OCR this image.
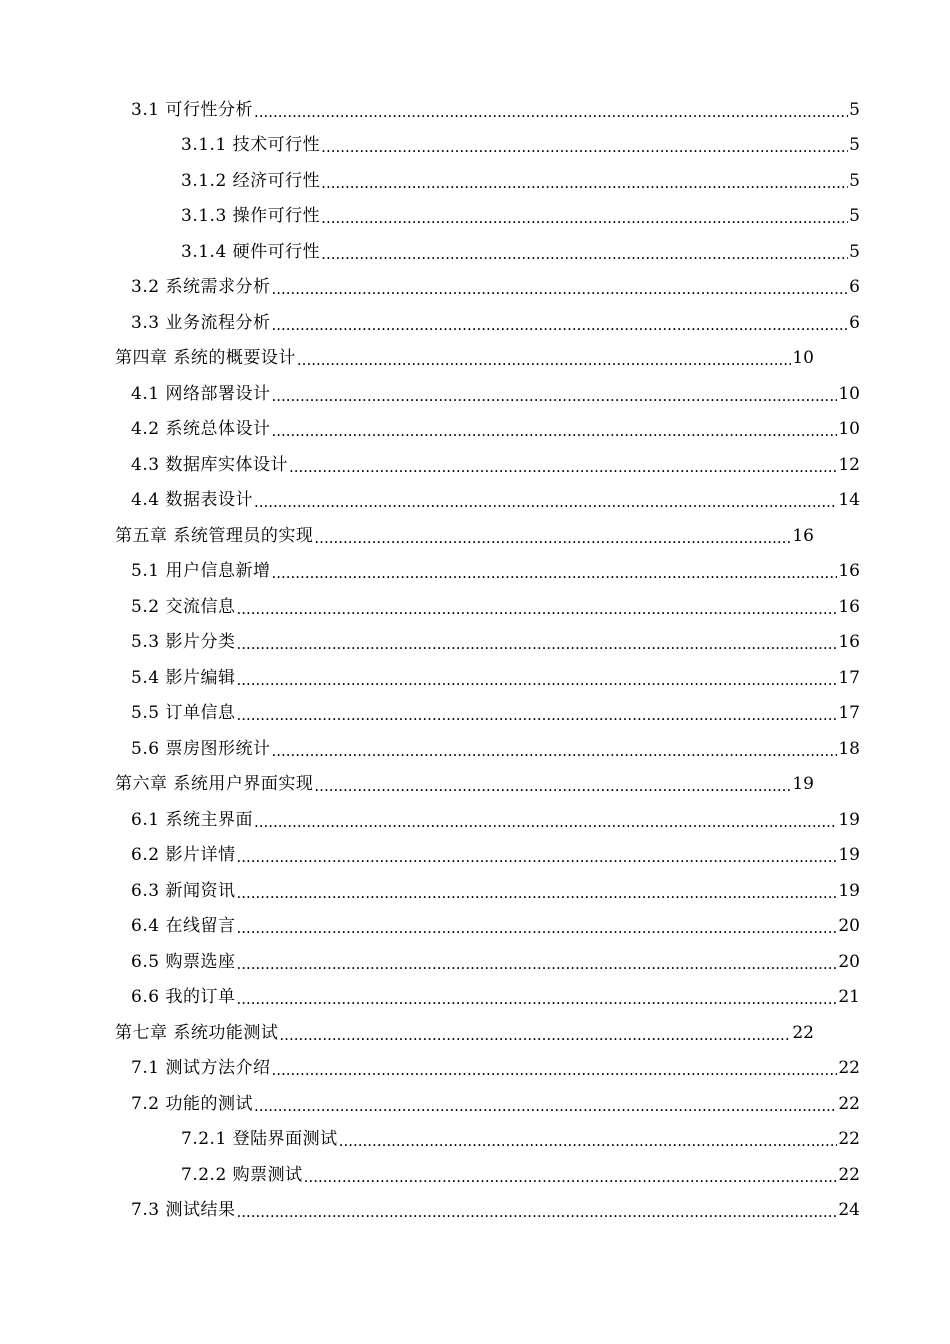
3.1 可行性分析 .....	5
3.1.1 技术可行性 .....	5
3.1.2 经济可行性 .....	5
3.1.3 操作可行性 .....	5
3.1.4 硬件可行性 .....	5
3.2 系统需求分析 .....	6
3.3 业务流程分析 .....	6
第四章 系统的概要设计 .....	10
4.1 网络部署设计 .....	10
4.2 系统总体设计 .....	10
4.3 数据库实体设计 .....	12
4.4 数据表设计 .....	14
第五章 系统管理员的实现 .....	16
5.1 用户信息新增 .....	16
5.2 交流信息 .....	16
5.3 影片分类 .....	16
5.4 影片编辑 .....	17
5.5 订单信息 .....	17
5.6 票房图形统计 .....	18
第六章 系统用户界面实现 .....	19
6.1 系统主界面 .....	19
6.2 影片详情 .....	19
6.3 新闻资讯 .....	19
6.4 在线留言 .....	20
6.5 购票选座 .....	20
6.6 我的订单 .....	21
第七章 系统功能测试 .....	22
7.1 测试方法介绍 .....	22
7.2 功能的测试 .....	22
7.2.1 登陆界面测试 .....	22
7.2.2 购票测试 .....	22
7.3 测试结果 .....	24
